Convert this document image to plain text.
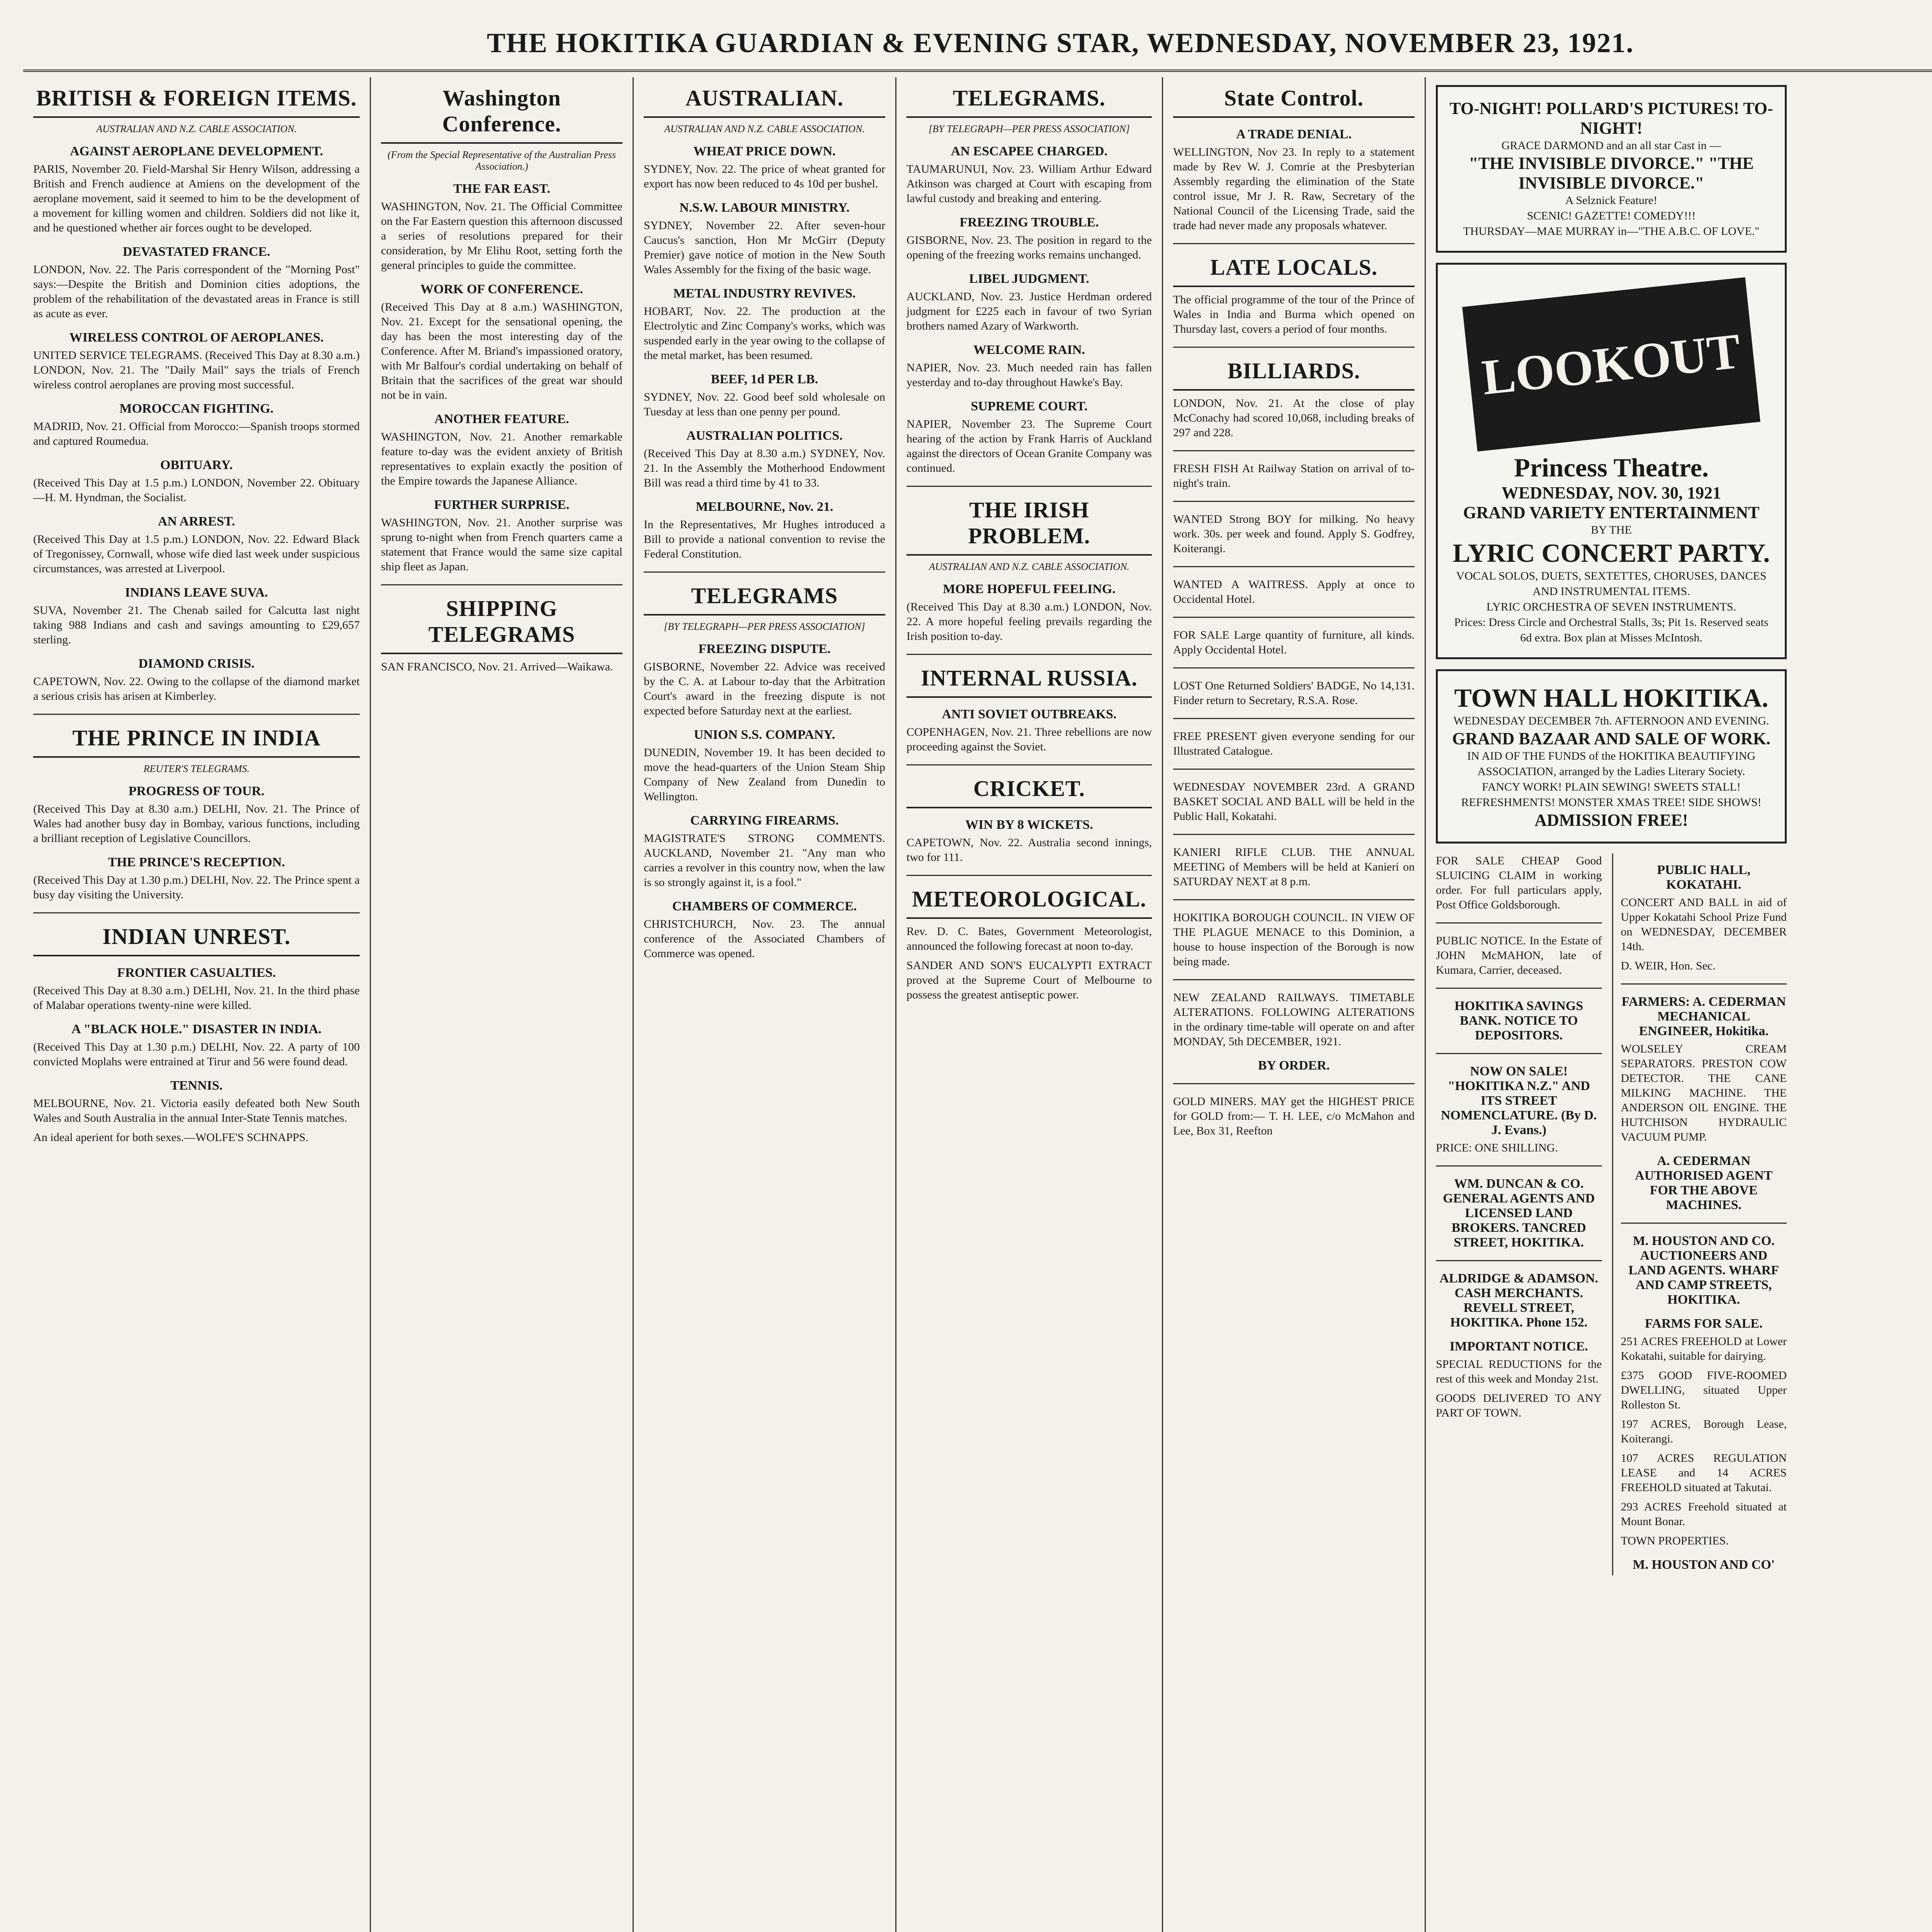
THE HOKITIKA GUARDIAN & EVENING STAR, WEDNESDAY, NOVEMBER 23, 1921.
BRITISH & FOREIGN ITEMS.
AUSTRALIAN AND N.Z. CABLE ASSOCIATION.
AGAINST AEROPLANE DEVELOPMENT.
PARIS, November 20. Field-Marshal Sir Henry Wilson, addressing a British and French audience at Amiens on the development of the aeroplane movement, said it seemed to him to be the development of a movement for killing women and children. Soldiers did not like it, and he questioned whether air forces ought to be developed.
DEVASTATED FRANCE.
LONDON, Nov. 22. The Paris correspondent of the "Morning Post" says:—Despite the British and Dominion cities adoptions, the problem of the rehabilitation of the devastated areas in France is still as acute as ever.
WIRELESS CONTROL OF AEROPLANES.
UNITED SERVICE TELEGRAMS. (Received This Day at 8.30 a.m.) LONDON, Nov. 21. The "Daily Mail" says the trials of French wireless control aeroplanes are proving most successful.
MOROCCAN FIGHTING.
MADRID, Nov. 21. Official from Morocco:—Spanish troops stormed and captured Roumedua.
OBITUARY.
(Received This Day at 1.5 p.m.) LONDON, November 22. Obituary—H. M. Hyndman, the Socialist.
AN ARREST.
(Received This Day at 1.5 p.m.) LONDON, Nov. 22. Edward Black of Tregonissey, Cornwall, whose wife died last week under suspicious circumstances, was arrested at Liverpool.
INDIANS LEAVE SUVA.
SUVA, November 21. The Chenab sailed for Calcutta last night taking 988 Indians and cash and savings amounting to £29,657 sterling.
DIAMOND CRISIS.
CAPETOWN, Nov. 22. Owing to the collapse of the diamond market a serious crisis has arisen at Kimberley.
THE PRINCE IN INDIA
REUTER'S TELEGRAMS.
PROGRESS OF TOUR.
(Received This Day at 8.30 a.m.) DELHI, Nov. 21. The Prince of Wales had another busy day in Bombay, various functions, including a brilliant reception of Legislative Councillors.
THE PRINCE'S RECEPTION.
(Received This Day at 1.30 p.m.) DELHI, Nov. 22. The Prince spent a busy day visiting the University.
INDIAN UNREST.
FRONTIER CASUALTIES.
(Received This Day at 8.30 a.m.) DELHI, Nov. 21. In the third phase of Malabar operations twenty-nine were killed.
A "BLACK HOLE." DISASTER IN INDIA.
(Received This Day at 1.30 p.m.) DELHI, Nov. 22. A party of 100 convicted Moplahs were entrained at Tirur and 56 were found dead.
TENNIS.
MELBOURNE, Nov. 21. Victoria easily defeated both New South Wales and South Australia in the annual Inter-State Tennis matches.
An ideal aperient for both sexes.—WOLFE'S SCHNAPPS.
Washington Conference.
(From the Special Representative of the Australian Press Association.)
THE FAR EAST.
WASHINGTON, Nov. 21. The Official Committee on the Far Eastern question this afternoon discussed a series of resolutions prepared for their consideration, by Mr Elihu Root, setting forth the general principles to guide the committee.
WORK OF CONFERENCE.
(Received This Day at 8 a.m.) WASHINGTON, Nov. 21. Except for the sensational opening, the day has been the most interesting day of the Conference. After M. Briand's impassioned oratory, with Mr Balfour's cordial undertaking on behalf of Britain that the sacrifices of the great war should not be in vain.
ANOTHER FEATURE.
WASHINGTON, Nov. 21. Another remarkable feature to-day was the evident anxiety of British representatives to explain exactly the position of the Empire towards the Japanese Alliance.
FURTHER SURPRISE.
WASHINGTON, Nov. 21. Another surprise was sprung to-night when from French quarters came a statement that France would the same size capital ship fleet as Japan.
SHIPPING TELEGRAMS
SAN FRANCISCO, Nov. 21. Arrived—Waikawa.
AUSTRALIAN.
AUSTRALIAN AND N.Z. CABLE ASSOCIATION.
WHEAT PRICE DOWN.
SYDNEY, Nov. 22. The price of wheat granted for export has now been reduced to 4s 10d per bushel.
N.S.W. LABOUR MINISTRY.
SYDNEY, November 22. After seven-hour Caucus's sanction, Hon Mr McGirr (Deputy Premier) gave notice of motion in the New South Wales Assembly for the fixing of the basic wage.
METAL INDUSTRY REVIVES.
HOBART, Nov. 22. The production at the Electrolytic and Zinc Company's works, which was suspended early in the year owing to the collapse of the metal market, has been resumed.
BEEF, 1d PER LB.
SYDNEY, Nov. 22. Good beef sold wholesale on Tuesday at less than one penny per pound.
AUSTRALIAN POLITICS.
(Received This Day at 8.30 a.m.) SYDNEY, Nov. 21. In the Assembly the Motherhood Endowment Bill was read a third time by 41 to 33.
MELBOURNE, Nov. 21.
In the Representatives, Mr Hughes introduced a Bill to provide a national convention to revise the Federal Constitution.
TELEGRAMS
[BY TELEGRAPH—PER PRESS ASSOCIATION]
FREEZING DISPUTE.
GISBORNE, November 22. Advice was received by the C. A. at Labour to-day that the Arbitration Court's award in the freezing dispute is not expected before Saturday next at the earliest.
UNION S.S. COMPANY.
DUNEDIN, November 19. It has been decided to move the head-quarters of the Union Steam Ship Company of New Zealand from Dunedin to Wellington.
CARRYING FIREARMS.
MAGISTRATE'S STRONG COMMENTS. AUCKLAND, November 21. "Any man who carries a revolver in this country now, when the law is so strongly against it, is a fool."
CHAMBERS OF COMMERCE.
CHRISTCHURCH, Nov. 23. The annual conference of the Associated Chambers of Commerce was opened.
TELEGRAMS.
[BY TELEGRAPH—PER PRESS ASSOCIATION]
AN ESCAPEE CHARGED.
TAUMARUNUI, Nov. 23. William Arthur Edward Atkinson was charged at Court with escaping from lawful custody and breaking and entering.
FREEZING TROUBLE.
GISBORNE, Nov. 23. The position in regard to the opening of the freezing works remains unchanged.
LIBEL JUDGMENT.
AUCKLAND, Nov. 23. Justice Herdman ordered judgment for £225 each in favour of two Syrian brothers named Azary of Warkworth.
WELCOME RAIN.
NAPIER, Nov. 23. Much needed rain has fallen yesterday and to-day throughout Hawke's Bay.
SUPREME COURT.
NAPIER, November 23. The Supreme Court hearing of the action by Frank Harris of Auckland against the directors of Ocean Granite Company was continued.
THE IRISH PROBLEM.
AUSTRALIAN AND N.Z. CABLE ASSOCIATION.
MORE HOPEFUL FEELING.
(Received This Day at 8.30 a.m.) LONDON, Nov. 22. A more hopeful feeling prevails regarding the Irish position to-day.
INTERNAL RUSSIA.
ANTI SOVIET OUTBREAKS.
COPENHAGEN, Nov. 21. Three rebellions are now proceeding against the Soviet.
CRICKET.
WIN BY 8 WICKETS.
CAPETOWN, Nov. 22. Australia second innings, two for 111.
METEOROLOGICAL.
Rev. D. C. Bates, Government Meteorologist, announced the following forecast at noon to-day.
SANDER AND SON'S EUCALYPTI EXTRACT proved at the Supreme Court of Melbourne to possess the greatest antiseptic power.
State Control.
A TRADE DENIAL.
WELLINGTON, Nov 23. In reply to a statement made by Rev W. J. Comrie at the Presbyterian Assembly regarding the elimination of the State control issue, Mr J. R. Raw, Secretary of the National Council of the Licensing Trade, said the trade had never made any proposals whatever.
LATE LOCALS.
The official programme of the tour of the Prince of Wales in India and Burma which opened on Thursday last, covers a period of four months.
BILLIARDS.
LONDON, Nov. 21. At the close of play McConachy had scored 10,068, including breaks of 297 and 228.
FRESH FISH At Railway Station on arrival of to-night's train.
WANTED Strong BOY for milking. No heavy work. 30s. per week and found. Apply S. Godfrey, Koiterangi.
WANTED A WAITRESS. Apply at once to Occidental Hotel.
FOR SALE Large quantity of furniture, all kinds. Apply Occidental Hotel.
LOST One Returned Soldiers' BADGE, No 14,131. Finder return to Secretary, R.S.A. Rose.
FREE PRESENT given everyone sending for our Illustrated Catalogue.
WEDNESDAY NOVEMBER 23rd. A GRAND BASKET SOCIAL AND BALL will be held in the Public Hall, Kokatahi.
KANIERI RIFLE CLUB. THE ANNUAL MEETING of Members will be held at Kanieri on SATURDAY NEXT at 8 p.m.
HOKITIKA BOROUGH COUNCIL. IN VIEW OF THE PLAGUE MENACE to this Dominion, a house to house inspection of the Borough is now being made.
NEW ZEALAND RAILWAYS. TIMETABLE ALTERATIONS. FOLLOWING ALTERATIONS in the ordinary time-table will operate on and after MONDAY, 5th DECEMBER, 1921.
BY ORDER.
GOLD MINERS. MAY get the HIGHEST PRICE for GOLD from:— T. H. LEE, c/o McMahon and Lee, Box 31, Reefton
TO-NIGHT! POLLARD'S PICTURES! TO-NIGHT!
GRACE DARMOND and an all star Cast in —
"THE INVISIBLE DIVORCE." "THE INVISIBLE DIVORCE."
A Selznick Feature!
SCENIC! GAZETTE! COMEDY!!!
THURSDAY—MAE MURRAY in—"THE A.B.C. OF LOVE."
LOOKOUT
Princess Theatre.
WEDNESDAY, NOV. 30, 1921
GRAND VARIETY ENTERTAINMENT
BY THE
LYRIC CONCERT PARTY.
VOCAL SOLOS, DUETS, SEXTETTES, CHORUSES, DANCES AND INSTRUMENTAL ITEMS.
LYRIC ORCHESTRA OF SEVEN INSTRUMENTS.
Prices: Dress Circle and Orchestral Stalls, 3s; Pit 1s. Reserved seats 6d extra. Box plan at Misses McIntosh.
TOWN HALL HOKITIKA.
WEDNESDAY DECEMBER 7th. AFTERNOON AND EVENING.
GRAND BAZAAR AND SALE OF WORK.
IN AID OF THE FUNDS of the HOKITIKA BEAUTIFYING ASSOCIATION, arranged by the Ladies Literary Society.
FANCY WORK! PLAIN SEWING! SWEETS STALL! REFRESHMENTS! MONSTER XMAS TREE! SIDE SHOWS!
ADMISSION FREE!
FOR SALE CHEAP Good SLUICING CLAIM in working order. For full particulars apply, Post Office Goldsborough.
PUBLIC NOTICE. In the Estate of JOHN McMAHON, late of Kumara, Carrier, deceased.
HOKITIKA SAVINGS BANK. NOTICE TO DEPOSITORS.
NOW ON SALE! "HOKITIKA N.Z." AND ITS STREET NOMENCLATURE. (By D. J. Evans.)
PRICE: ONE SHILLING.
WM. DUNCAN & CO. GENERAL AGENTS AND LICENSED LAND BROKERS. TANCRED STREET, HOKITIKA.
ALDRIDGE & ADAMSON. CASH MERCHANTS. REVELL STREET, HOKITIKA. Phone 152.
IMPORTANT NOTICE.
SPECIAL REDUCTIONS for the rest of this week and Monday 21st.
GOODS DELIVERED TO ANY PART OF TOWN.
PUBLIC HALL, KOKATAHI.
CONCERT AND BALL in aid of Upper Kokatahi School Prize Fund on WEDNESDAY, DECEMBER 14th.
D. WEIR, Hon. Sec.
FARMERS: A. CEDERMAN MECHANICAL ENGINEER, Hokitika.
WOLSELEY CREAM SEPARATORS. PRESTON COW DETECTOR. THE CANE MILKING MACHINE. THE ANDERSON OIL ENGINE. THE HUTCHISON HYDRAULIC VACUUM PUMP.
A. CEDERMAN AUTHORISED AGENT FOR THE ABOVE MACHINES.
M. HOUSTON AND CO. AUCTIONEERS AND LAND AGENTS. WHARF AND CAMP STREETS, HOKITIKA.
FARMS FOR SALE.
251 ACRES FREEHOLD at Lower Kokatahi, suitable for dairying.
£375 GOOD FIVE-ROOMED DWELLING, situated Upper Rolleston St.
197 ACRES, Borough Lease, Koiterangi.
107 ACRES REGULATION LEASE and 14 ACRES FREEHOLD situated at Takutai.
293 ACRES Freehold situated at Mount Bonar.
TOWN PROPERTIES.
M. HOUSTON AND CO'
